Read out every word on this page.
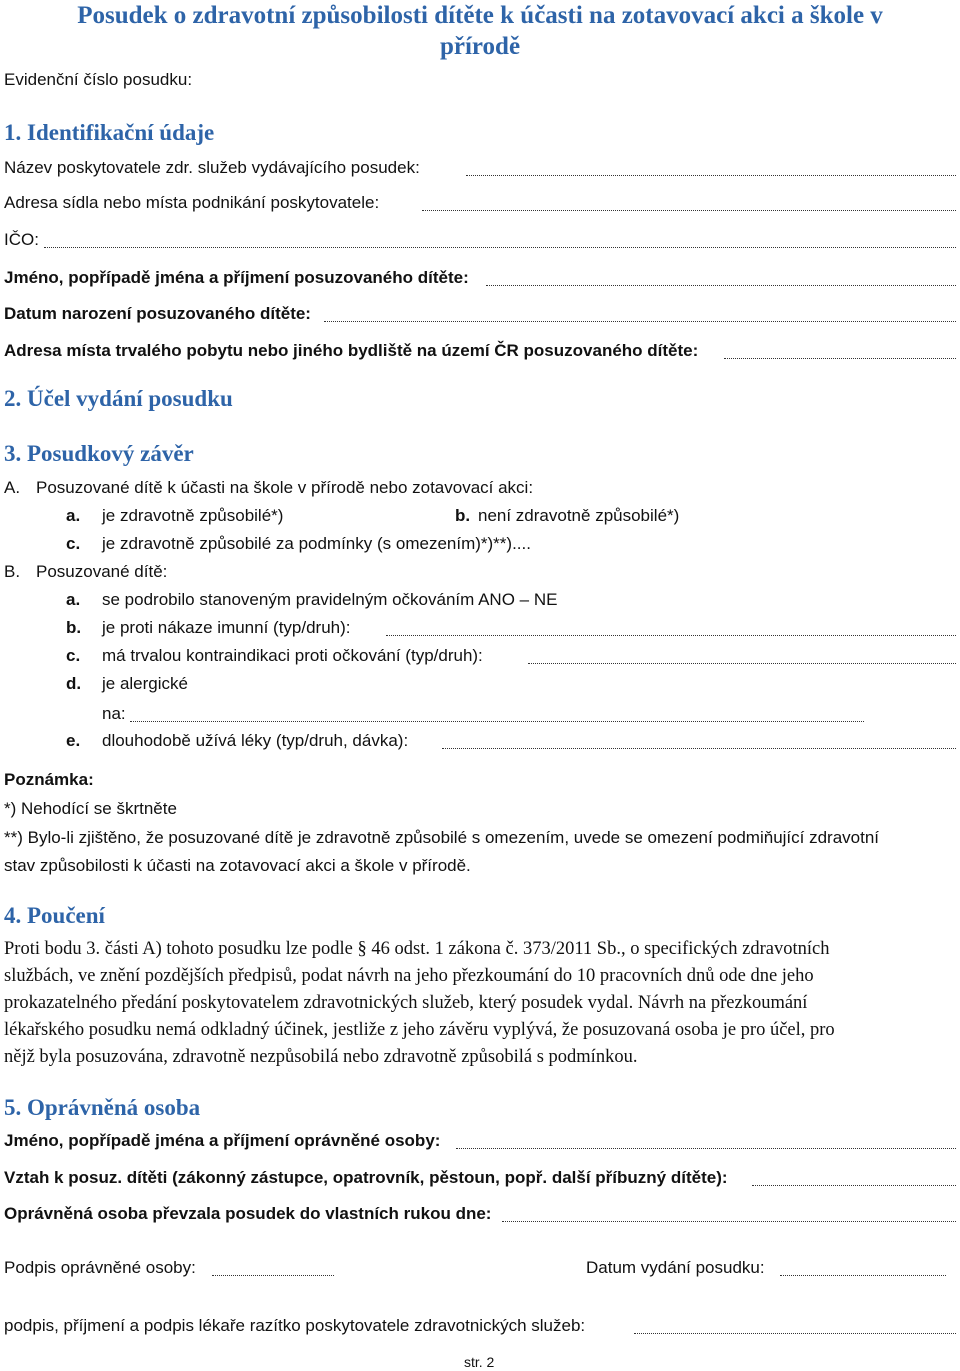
Posudek o zdravotní způsobilosti dítěte k účasti na zotavovací akci a škole v
přírodě
Evidenční číslo posudku:
1. Identifikační údaje
Název poskytovatele zdr. služeb vydávajícího posudek:
Adresa sídla nebo místa podnikání poskytovatele:
IČO:
Jméno, popřípadě jména a příjmení posuzovaného dítěte:
Datum narození posuzovaného dítěte:
Adresa místa trvalého pobytu nebo jiného bydliště na území ČR posuzovaného dítěte:
2. Účel vydání posudku
3. Posudkový závěr
A. Posuzované dítě k účasti na škole v přírodě nebo zotavovací akci:
a. je zdravotně způsobilé*)	b. není zdravotně způsobilé*)
c. je zdravotně způsobilé za podmínky (s omezením)*)**)....
B. Posuzované dítě:
a. se podrobilo stanoveným pravidelným očkováním ANO – NE
b. je proti nákaze imunní (typ/druh):
c. má trvalou kontraindikaci proti očkování (typ/druh):
d. je alergické
na:
e. dlouhodobě užívá léky (typ/druh, dávka):
Poznámka:
*) Nehodící se škrtněte
**) Bylo-li zjištěno, že posuzované dítě je zdravotně způsobilé s omezením, uvede se omezení podmiňující zdravotní
stav způsobilosti k účasti na zotavovací akci a škole v přírodě.
4. Poučení
Proti bodu 3. části A) tohoto posudku lze podle § 46 odst. 1 zákona č. 373/2011 Sb., o specifických zdravotních
službách, ve znění pozdějších předpisů, podat návrh na jeho přezkoumání do 10 pracovních dnů ode dne jeho
prokazatelného předání poskytovatelem zdravotnických služeb, který posudek vydal. Návrh na přezkoumání
lékařského posudku nemá odkladný účinek, jestliže z jeho závěru vyplývá, že posuzovaná osoba je pro účel, pro
nějž byla posuzována, zdravotně nezpůsobilá nebo zdravotně způsobilá s podmínkou.
5. Oprávněná osoba
Jméno, popřípadě jména a příjmení oprávněné osoby:
Vztah k posuz. dítěti (zákonný zástupce, opatrovník, pěstoun, popř. další příbuzný dítěte):
Oprávněná osoba převzala posudek do vlastních rukou dne:
Podpis oprávněné osoby:	Datum vydání posudku:
podpis, příjmení a podpis lékaře razítko poskytovatele zdravotnických služeb:
str. 2
